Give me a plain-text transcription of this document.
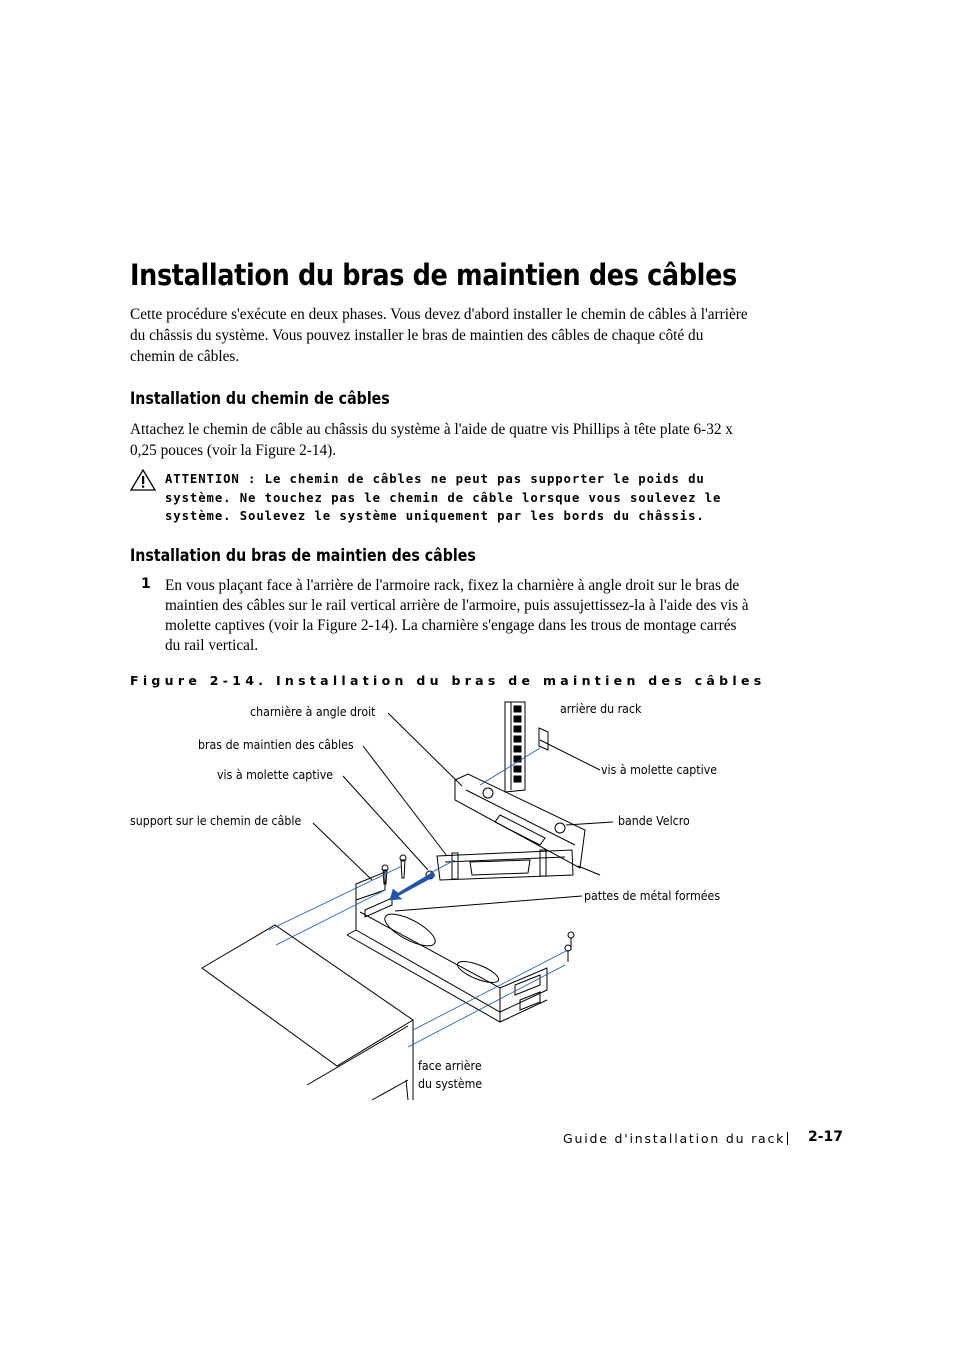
Installation du bras de maintien des câbles
Cette procédure s'exécute en deux phases. Vous devez d'abord installer le chemin de câbles à l'arrière du châssis du système. Vous pouvez installer le bras de maintien des câbles de chaque côté du chemin de câbles.
Installation du chemin de câbles
Attachez le chemin de câble au châssis du système à l'aide de quatre vis Phillips à tête plate 6-32 x 0,25 pouces (voir la Figure 2-14).
ATTENTION : Le chemin de câbles ne peut pas supporter le poids du système. Ne touchez pas le chemin de câble lorsque vous soulevez le système. Soulevez le système uniquement par les bords du châssis.
Installation du bras de maintien des câbles
1 En vous plaçant face à l'arrière de l'armoire rack, fixez la charnière à angle droit sur le bras de maintien des câbles sur le rail vertical arrière de l'armoire, puis assujettissez-la à l'aide des vis à molette captives (voir la Figure 2-14). La charnière s'engage dans les trous de montage carrés du rail vertical.
Figure 2-14. Installation du bras de maintien des câbles
charnière à angle droit
bras de maintien des câbles
vis à molette captive
support sur le chemin de câble
arrière du rack
vis à molette captive
bande Velcro
pattes de métal formées
face arrière
du système
Guide d'installation du rack 2-17
